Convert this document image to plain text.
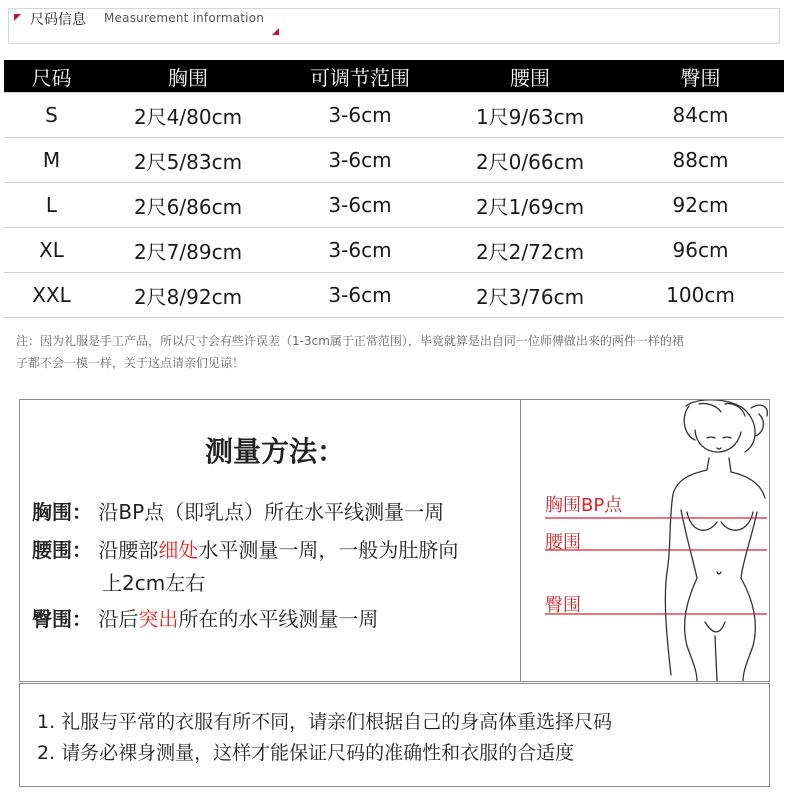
尺码信息 Measurement information
尺码	胸围	可调节范围	腰围	臀围
S	2尺4/80cm	3-6cm	1尺9/63cm	84cm
M	2尺5/83cm	3-6cm	2尺0/66cm	88cm
L	2尺6/86cm	3-6cm	2尺1/69cm	92cm
XL	2尺7/89cm	3-6cm	2尺2/72cm	96cm
XXL	2尺8/92cm	3-6cm	2尺3/76cm	100cm
注：因为礼服是手工产品，所以尺寸会有些许误差（1-3cm属于正常范围），毕竟就算是出自同一位师傅做出来的两件一样的裙
子都不会一模一样，关于这点请亲们见谅！
测量方法：
胸围： 沿BP点（即乳点）所在水平线测量一周
腰围： 沿腰部细处水平测量一周，一般为肚脐向
上2cm左右
臀围： 沿后突出所在的水平线测量一周
胸围BP点
腰围
臀围
1. 礼服与平常的衣服有所不同，请亲们根据自己的身高体重选择尺码
2. 请务必裸身测量，这样才能保证尺码的准确性和衣服的合适度
